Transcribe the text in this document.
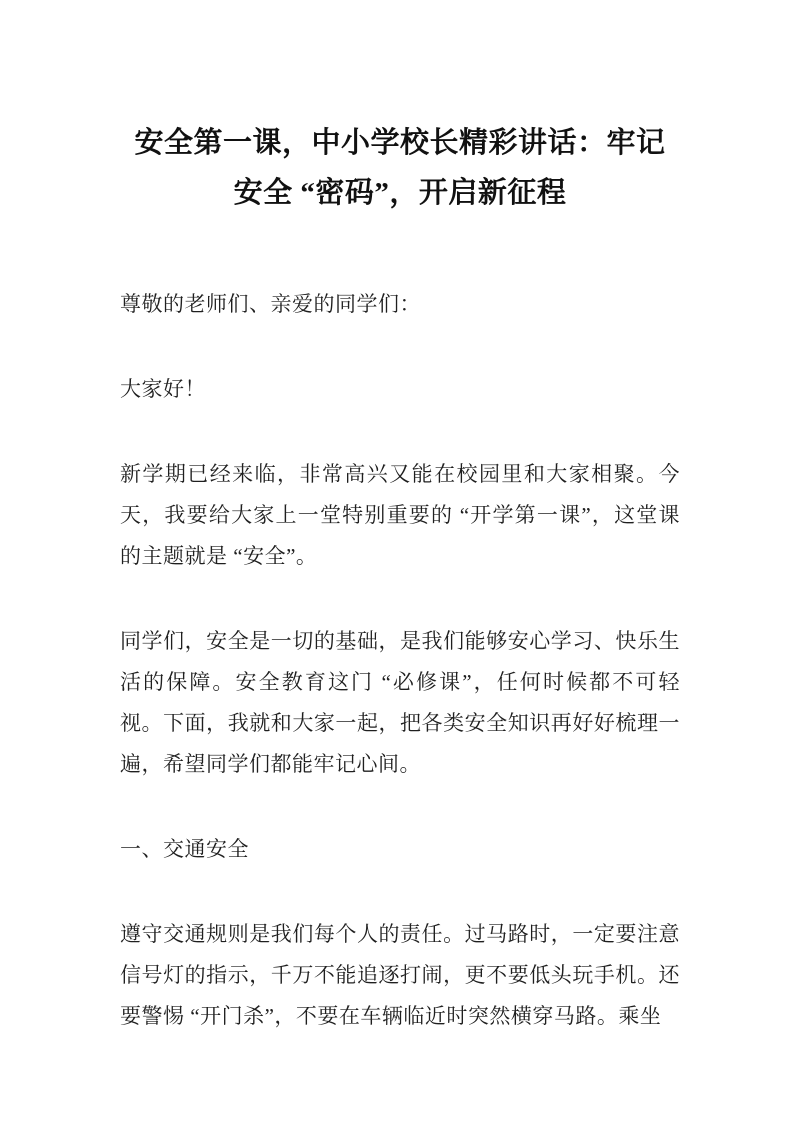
安全第一课，中小学校长精彩讲话：牢记安全 “密码”，开启新征程

尊敬的老师们、亲爱的同学们：

大家好！

新学期已经来临，非常高兴又能在校园里和大家相聚。今天，我要给大家上一堂特别重要的 “开学第一课”，这堂课的主题就是 “安全”。

同学们，安全是一切的基础，是我们能够安心学习、快乐生活的保障。安全教育这门 “必修课”，任何时候都不可轻视。下面，我就和大家一起，把各类安全知识再好好梳理一遍，希望同学们都能牢记心间。

一、交通安全

遵守交通规则是我们每个人的责任。过马路时，一定要注意信号灯的指示，千万不能追逐打闹，更不要低头玩手机。还要警惕 “开门杀”，不要在车辆临近时突然横穿马路。乘坐
